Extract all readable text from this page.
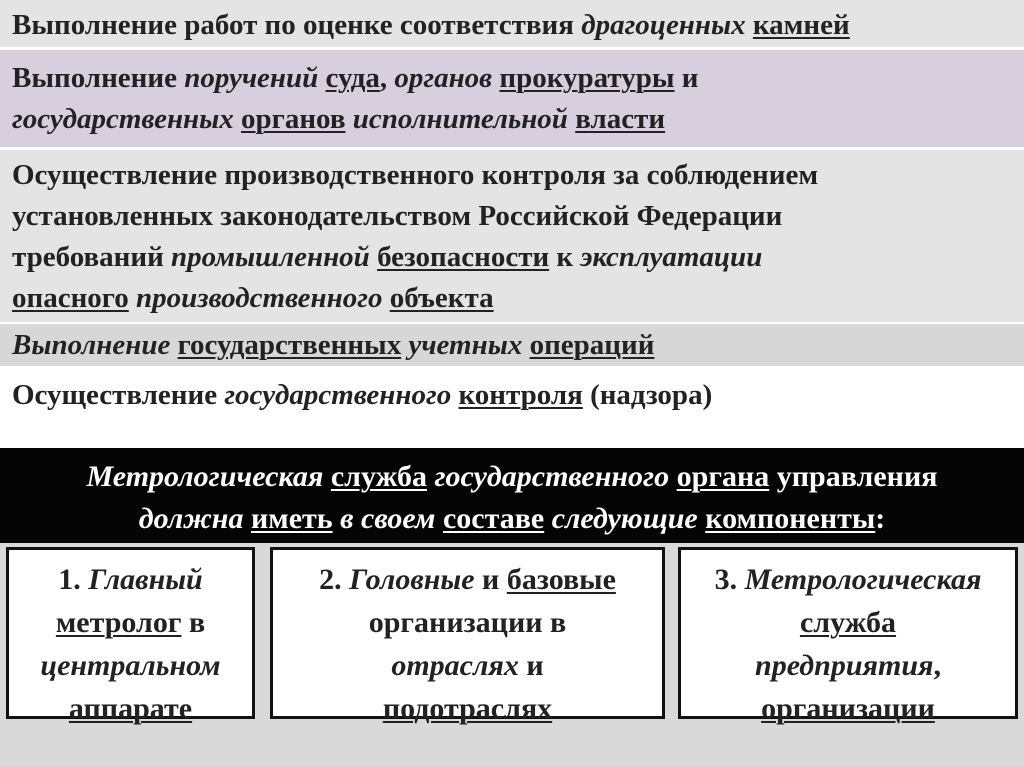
Выполнение работ по оценке соответствия драгоценных камней
Выполнение поручений суда, органов прокуратуры и
государственных органов исполнительной власти
Осуществление производственного контроля за соблюдением
установленных законодательством Российской Федерации
требований промышленной безопасности к эксплуатации
опасного производственного объекта
Выполнение государственных учетных операций
Осуществление государственного контроля (надзора)
Метрологическая служба государственного органа управления
должна иметь в своем составе следующие компоненты:
1. Главный
метролог в
центральном
аппарате
2. Головные и базовые
организации в
отраслях и
подотраслях
3. Метрологическая
служба
предприятия,
организации
